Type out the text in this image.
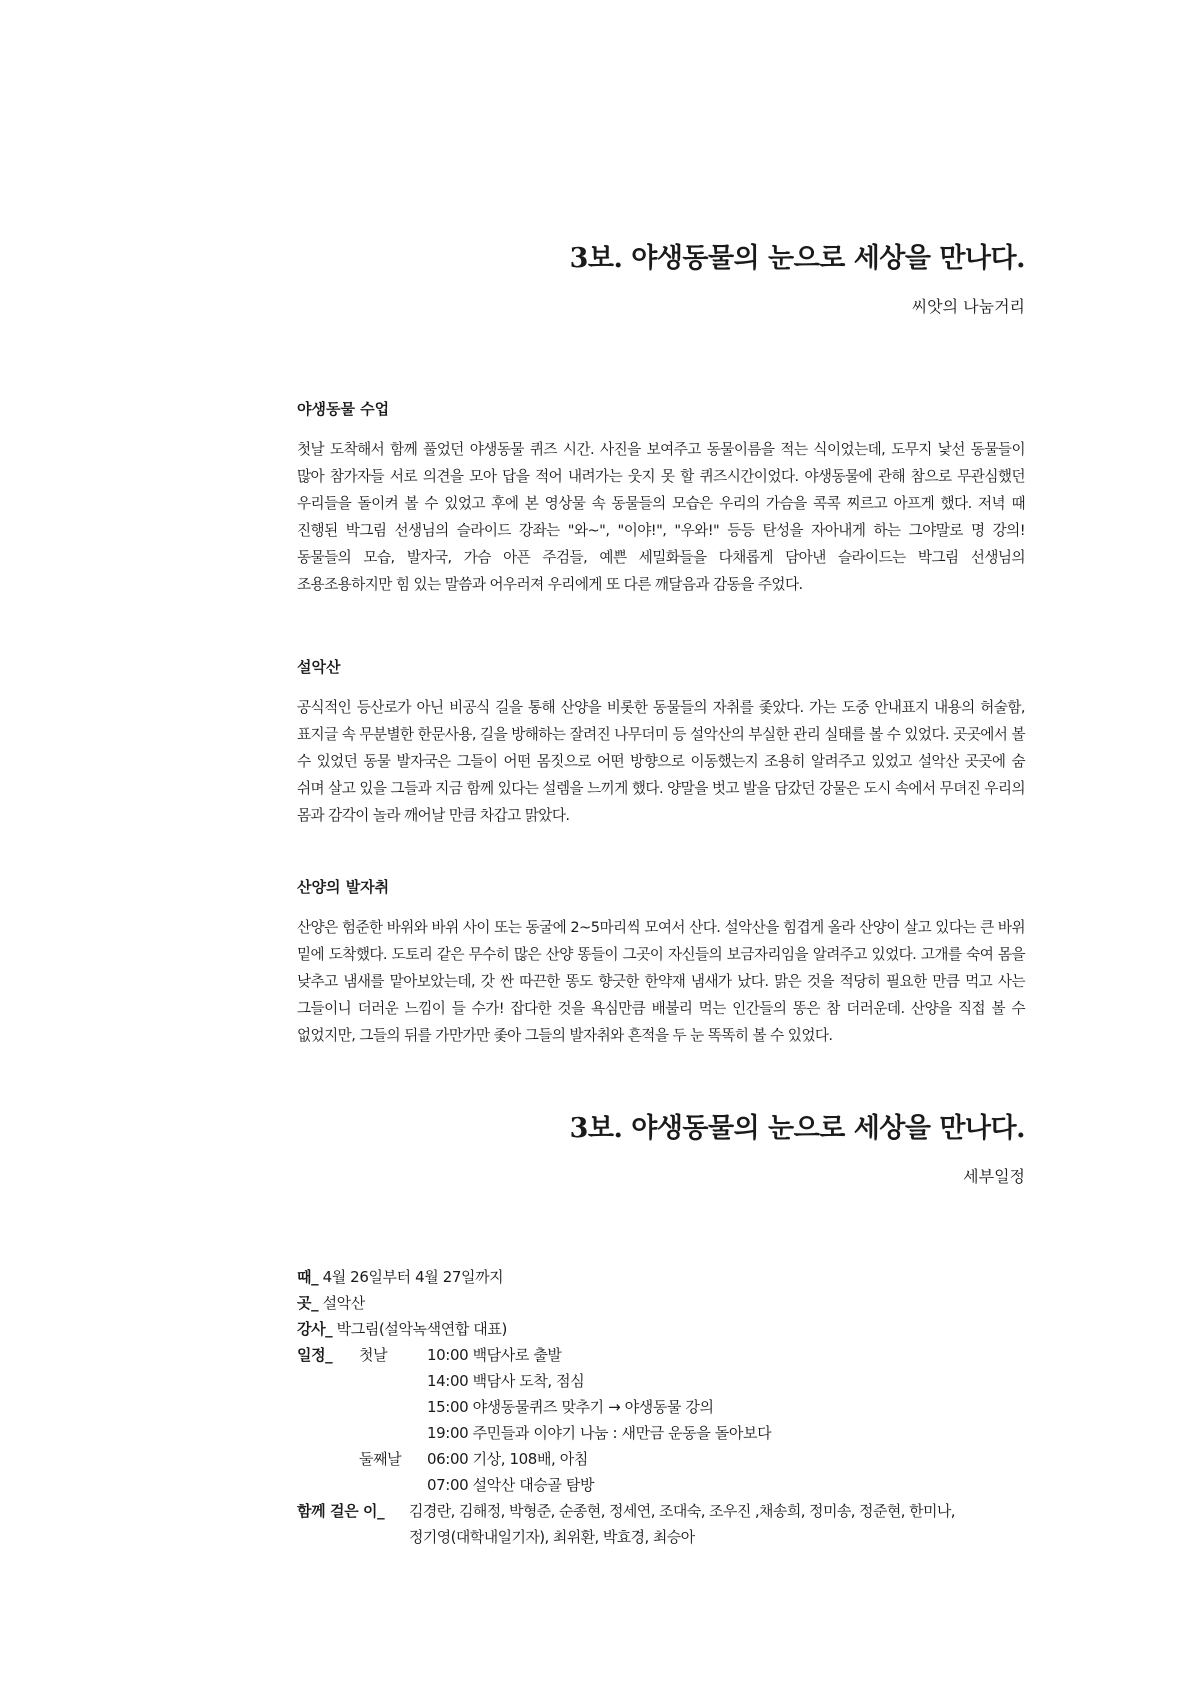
3보. 야생동물의 눈으로 세상을 만나다.
씨앗의 나눔거리
야생동물 수업
첫날 도착해서 함께 풀었던 야생동물 퀴즈 시간. 사진을 보여주고 동물이름을 적는 식이었는데, 도무지 낯선 동물들이 많아 참가자들 서로 의견을 모아 답을 적어 내려가는 웃지 못 할 퀴즈시간이었다. 야생동물에 관해 참으로 무관심했던 우리들을 돌이켜 볼 수 있었고 후에 본 영상물 속 동물들의 모습은 우리의 가슴을 콕콕 찌르고 아프게 했다. 저녁 때 진행된 박그림 선생님의 슬라이드 강좌는 "와~", "이야!", "우와!" 등등 탄성을 자아내게 하는 그야말로 명 강의! 동물들의 모습, 발자국, 가슴 아픈 주검들, 예쁜 세밀화들을 다채롭게 담아낸 슬라이드는 박그림 선생님의 조용조용하지만 힘 있는 말씀과 어우러져 우리에게 또 다른 깨달음과 감동을 주었다.
설악산
공식적인 등산로가 아닌 비공식 길을 통해 산양을 비롯한 동물들의 자취를 좇았다. 가는 도중 안내표지 내용의 허술함, 표지글 속 무분별한 한문사용, 길을 방해하는 잘려진 나무더미 등 설악산의 부실한 관리 실태를 볼 수 있었다. 곳곳에서 볼 수 있었던 동물 발자국은 그들이 어떤 몸짓으로 어떤 방향으로 이동했는지 조용히 알려주고 있었고 설악산 곳곳에 숨 쉬며 살고 있을 그들과 지금 함께 있다는 설렘을 느끼게 했다. 양말을 벗고 발을 담갔던 강물은 도시 속에서 무뎌진 우리의 몸과 감각이 놀라 깨어날 만큼 차갑고 맑았다.
산양의 발자취
산양은 험준한 바위와 바위 사이 또는 동굴에 2~5마리씩 모여서 산다. 설악산을 힘겹게 올라 산양이 살고 있다는 큰 바위 밑에 도착했다. 도토리 같은 무수히 많은 산양 똥들이 그곳이 자신들의 보금자리임을 알려주고 있었다. 고개를 숙여 몸을 낮추고 냄새를 맡아보았는데, 갓 싼 따끈한 똥도 향긋한 한약재 냄새가 났다. 맑은 것을 적당히 필요한 만큼 먹고 사는 그들이니 더러운 느낌이 들 수가! 잡다한 것을 욕심만큼 배불리 먹는 인간들의 똥은 참 더러운데. 산양을 직접 볼 수 없었지만, 그들의 뒤를 가만가만 좇아 그들의 발자취와 흔적을 두 눈 똑똑히 볼 수 있었다.
3보. 야생동물의 눈으로 세상을 만나다.
세부일정
때_ 4월 26일부터 4월 27일까지
곳_ 설악산
강사_ 박그림(설악녹색연합 대표)
일정_ 첫날	10:00 백담사로 출발
14:00 백담사 도착, 점심
15:00 야생동물퀴즈 맞추기 → 야생동물 강의
19:00 주민들과 이야기 나눔 : 새만금 운동을 돌아보다
둘째날 06:00 기상, 108배, 아침
07:00 설악산 대승골 탐방
함께 걸은 이_ 김경란, 김해정, 박형준, 순종현, 정세연, 조대숙, 조우진 ,채송희, 정미송, 정준현, 한미나,
정기영(대학내일기자), 최위환, 박효경, 최승아
